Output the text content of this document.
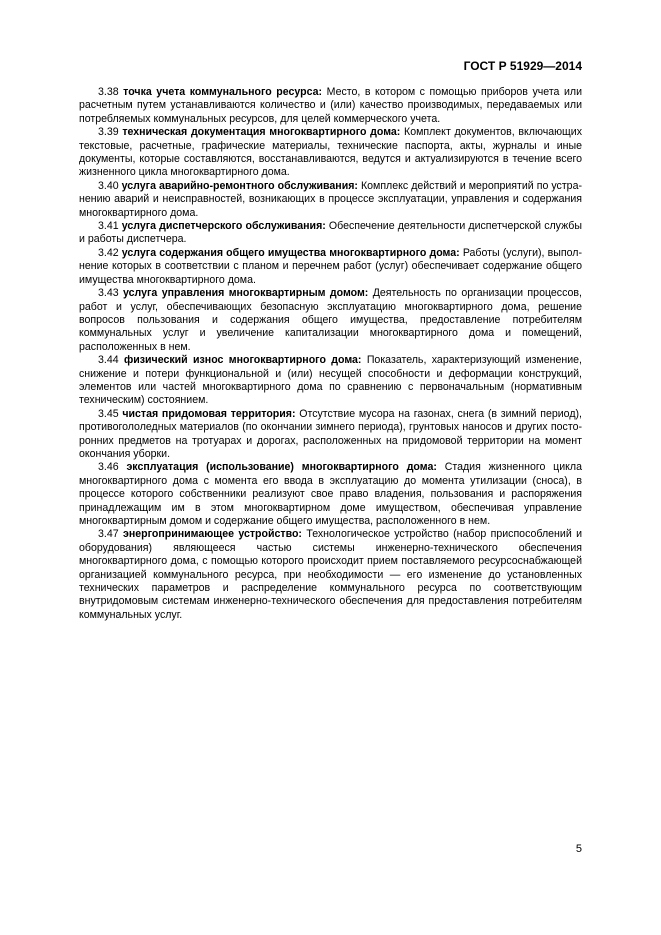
ГОСТ Р 51929—2014

3.38 точка учета коммунального ресурса: Место, в котором с помощью приборов учета или расчетным путем устанавливаются количество и (или) качество производимых, передаваемых или потребляемых коммунальных ресурсов, для целей коммерческого учета.

3.39 техническая документация многоквартирного дома: Комплект документов, включающих текстовые, расчетные, графические материалы, технические паспорта, акты, журналы и иные документы, которые составляются, восстанавливаются, ведутся и актуализируются в течение всего жизненного цикла многоквартирного дома.

3.40 услуга аварийно-ремонтного обслуживания: Комплекс действий и мероприятий по устранению аварий и неисправностей, возникающих в процессе эксплуатации, управления и содержания многоквартирного дома.

3.41 услуга диспетчерского обслуживания: Обеспечение деятельности диспетчерской службы и работы диспетчера.

3.42 услуга содержания общего имущества многоквартирного дома: Работы (услуги), выполнение которых в соответствии с планом и перечнем работ (услуг) обеспечивает содержание общего имущества многоквартирного дома.

3.43 услуга управления многоквартирным домом: Деятельность по организации процессов, работ и услуг, обеспечивающих безопасную эксплуатацию многоквартирного дома, решение вопросов пользования и содержания общего имущества, предоставление потребителям коммунальных услуг и увеличение капитализации многоквартирного дома и помещений, расположенных в нем.

3.44 физический износ многоквартирного дома: Показатель, характеризующий изменение, снижение и потери функциональной и (или) несущей способности и деформации конструкций, элементов или частей многоквартирного дома по сравнению с первоначальным (нормативным техническим) состоянием.

3.45 чистая придомовая территория: Отсутствие мусора на газонах, снега (в зимний период), противогололедных материалов (по окончании зимнего периода), грунтовых наносов и других посторонних предметов на тротуарах и дорогах, расположенных на придомовой территории на момент окончания уборки.

3.46 эксплуатация (использование) многоквартирного дома: Стадия жизненного цикла многоквартирного дома с момента его ввода в эксплуатацию до момента утилизации (сноса), в процессе которого собственники реализуют свое право владения, пользования и распоряжения принадлежащим им в этом многоквартирном доме имуществом, обеспечивая управление многоквартирным домом и содержание общего имущества, расположенного в нем.

3.47 энергопринимающее устройство: Технологическое устройство (набор приспособлений и оборудования) являющееся частью системы инженерно-технического обеспечения многоквартирного дома, с помощью которого происходит прием поставляемого ресурсоснабжающей организацией коммунального ресурса, при необходимости — его изменение до установленных технических параметров и распределение коммунального ресурса по соответствующим внутридомовым системам инженерно-технического обеспечения для предоставления потребителям коммунальных услуг.

5
